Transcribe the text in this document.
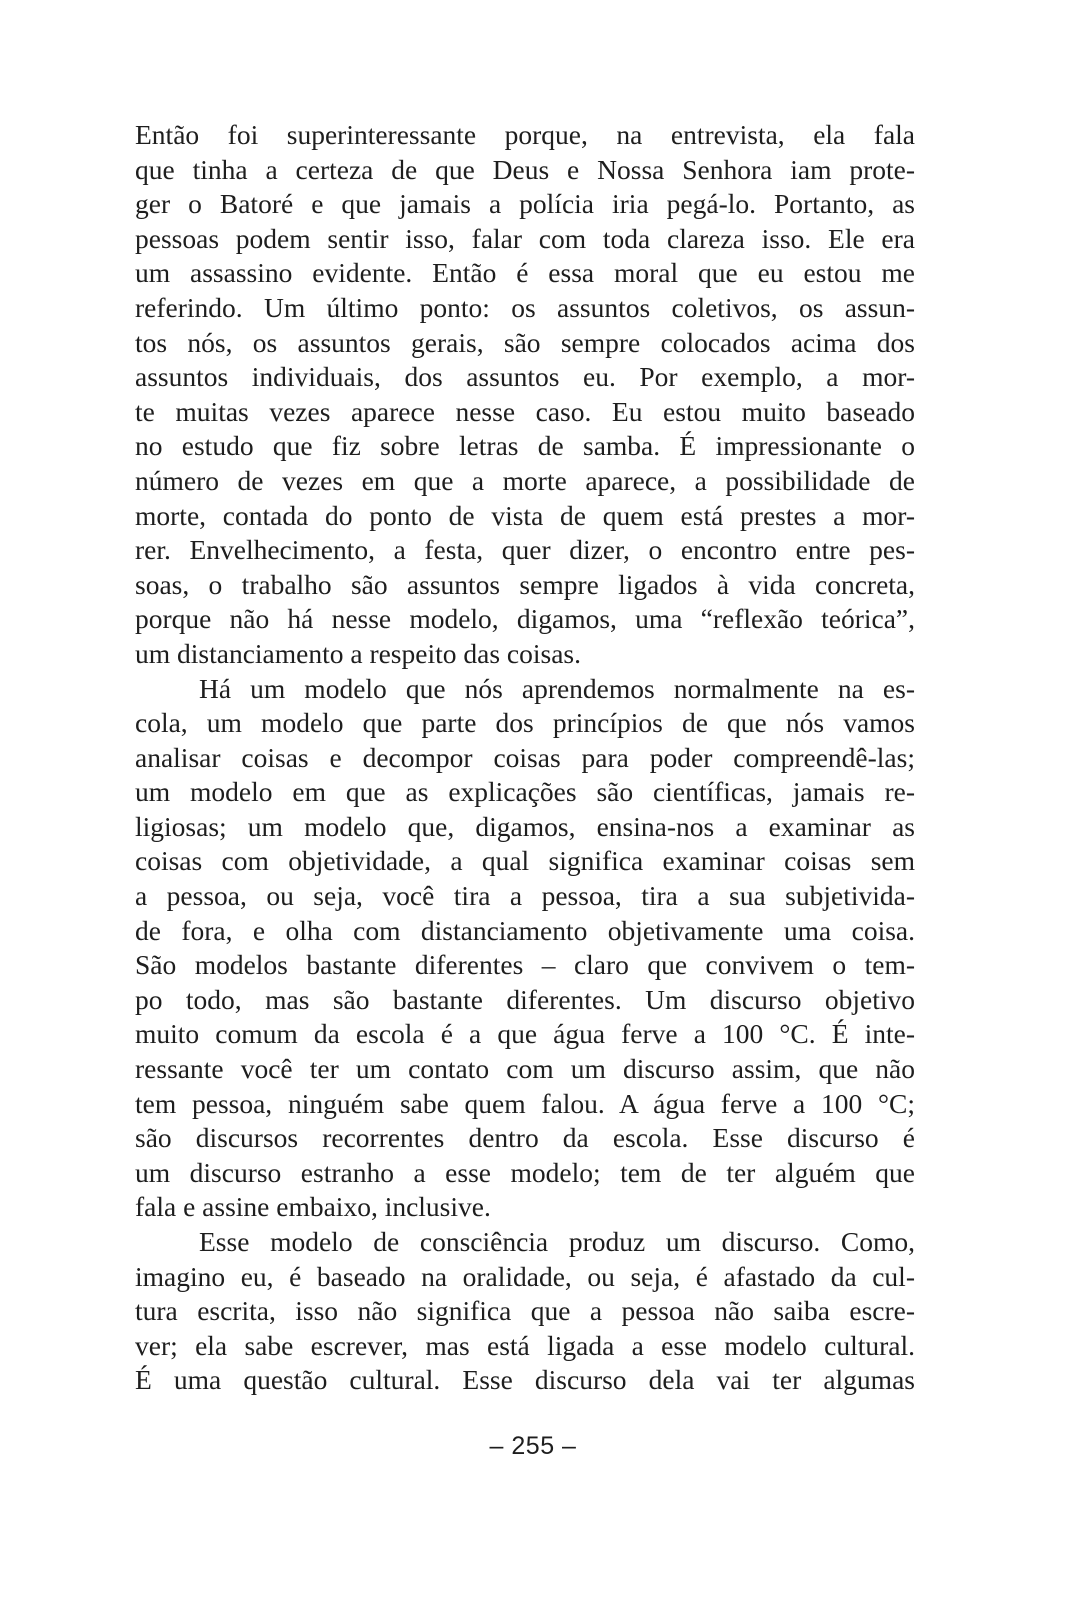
Então foi superinteressante porque, na entrevista, ela fala
que tinha a certeza de que Deus e Nossa Senhora iam prote-
ger o Batoré e que jamais a polícia iria pegá-lo. Portanto, as
pessoas podem sentir isso, falar com toda clareza isso. Ele era
um assassino evidente. Então é essa moral que eu estou me
referindo. Um último ponto: os assuntos coletivos, os assun-
tos nós, os assuntos gerais, são sempre colocados acima dos
assuntos individuais, dos assuntos eu. Por exemplo, a mor-
te muitas vezes aparece nesse caso. Eu estou muito baseado
no estudo que fiz sobre letras de samba. É impressionante o
número de vezes em que a morte aparece, a possibilidade de
morte, contada do ponto de vista de quem está prestes a mor-
rer. Envelhecimento, a festa, quer dizer, o encontro entre pes-
soas, o trabalho são assuntos sempre ligados à vida concreta,
porque não há nesse modelo, digamos, uma “reflexão teórica”,
um distanciamento a respeito das coisas.
Há um modelo que nós aprendemos normalmente na es-
cola, um modelo que parte dos princípios de que nós vamos
analisar coisas e decompor coisas para poder compreendê-las;
um modelo em que as explicações são científicas, jamais re-
ligiosas; um modelo que, digamos, ensina-nos a examinar as
coisas com objetividade, a qual significa examinar coisas sem
a pessoa, ou seja, você tira a pessoa, tira a sua subjetivida-
de fora, e olha com distanciamento objetivamente uma coisa.
São modelos bastante diferentes – claro que convivem o tem-
po todo, mas são bastante diferentes. Um discurso objetivo
muito comum da escola é a que água ferve a 100 °C. É inte-
ressante você ter um contato com um discurso assim, que não
tem pessoa, ninguém sabe quem falou. A água ferve a 100 °C;
são discursos recorrentes dentro da escola. Esse discurso é
um discurso estranho a esse modelo; tem de ter alguém que
fala e assine embaixo, inclusive.
Esse modelo de consciência produz um discurso. Como,
imagino eu, é baseado na oralidade, ou seja, é afastado da cul-
tura escrita, isso não significa que a pessoa não saiba escre-
ver; ela sabe escrever, mas está ligada a esse modelo cultural.
É uma questão cultural. Esse discurso dela vai ter algumas
– 255 –
